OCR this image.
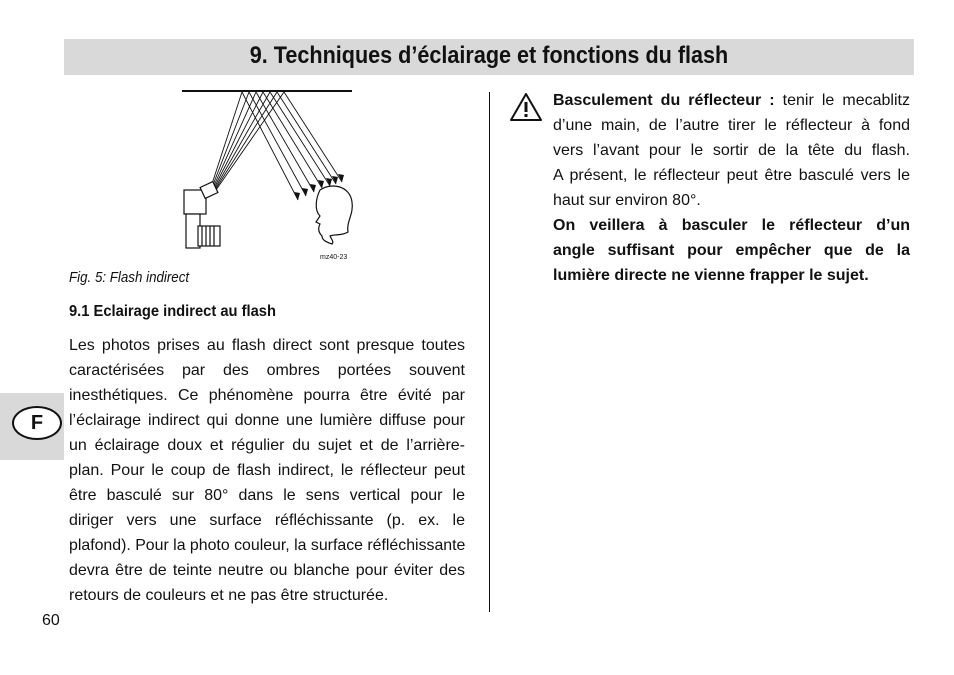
9. Techniques d’éclairage et fonctions du flash
F
mz40-23
Fig. 5: Flash indirect
9.1 Eclairage indirect au flash
Les photos prises au flash direct sont presque toutes
caractérisées par des ombres portées souvent
inesthétiques. Ce phénomène pourra être évité par
l’éclairage indirect qui donne une lumière diffuse pour
un éclairage doux et régulier du sujet et de l’arrière-
plan. Pour le coup de flash indirect, le réflecteur peut
être basculé sur 80° dans le sens vertical pour le
diriger vers une surface réfléchissante (p. ex. le
plafond). Pour la photo couleur, la surface réfléchissante
devra être de teinte neutre ou blanche pour éviter des
retours de couleurs et ne pas être structurée.
Basculement du réflecteur : tenir le mecablitz
d’une main, de l’autre tirer le réflecteur à fond
vers l’avant pour le sortir de la tête du flash.
A présent, le réflecteur peut être basculé vers le
haut sur environ 80°.
On veillera à basculer le réflecteur d’un
angle suffisant pour empêcher que de la
lumière directe ne vienne frapper le sujet.
60
